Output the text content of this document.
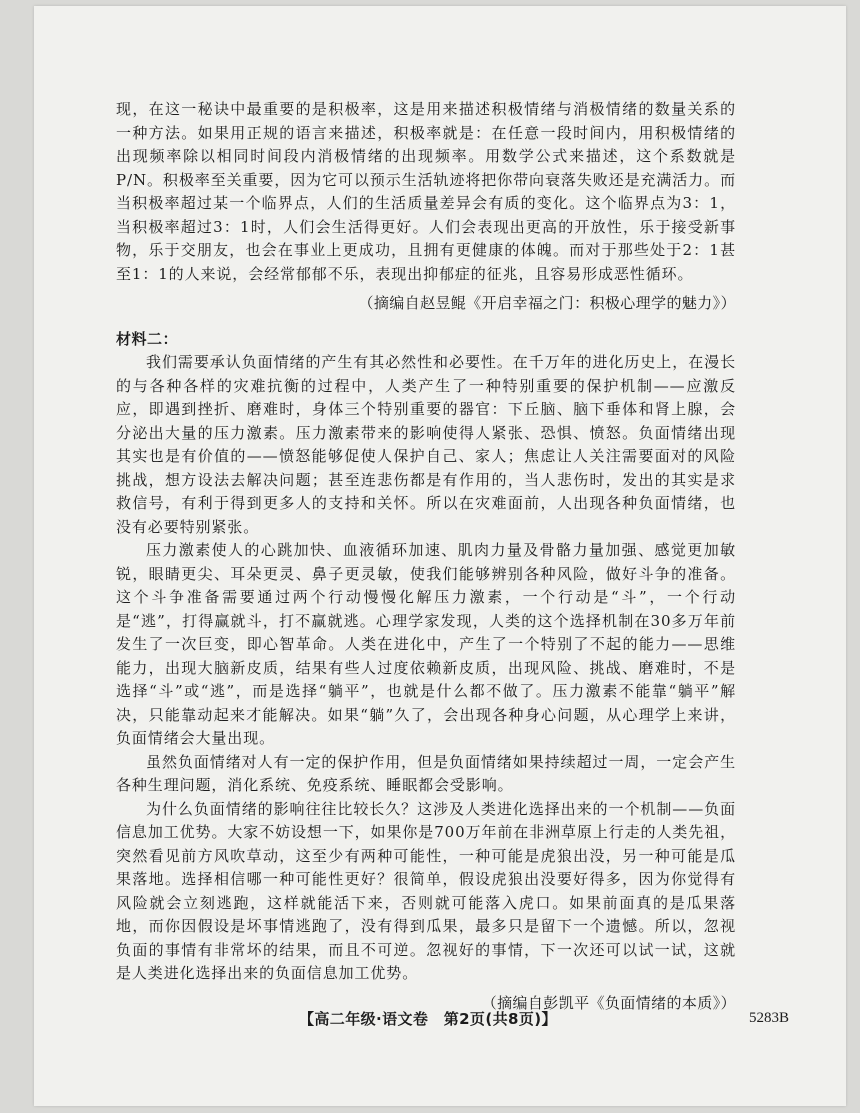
现，在这一秘诀中最重要的是积极率，这是用来描述积极情绪与消极情绪的数量关系的一种方法。如果用正规的语言来描述，积极率就是：在任意一段时间内，用积极情绪的出现频率除以相同时间段内消极情绪的出现频率。用数学公式来描述，这个系数就是P/N。积极率至关重要，因为它可以预示生活轨迹将把你带向衰落失败还是充满活力。而当积极率超过某一个临界点，人们的生活质量差异会有质的变化。这个临界点为3：1，当积极率超过3：1时，人们会生活得更好。人们会表现出更高的开放性，乐于接受新事物，乐于交朋友，也会在事业上更成功，且拥有更健康的体魄。而对于那些处于2：1甚至1：1的人来说，会经常郁郁不乐，表现出抑郁症的征兆，且容易形成恶性循环。

（摘编自赵昱鲲《开启幸福之门：积极心理学的魅力》）

材料二：

我们需要承认负面情绪的产生有其必然性和必要性。在千万年的进化历史上，在漫长的与各种各样的灾难抗衡的过程中，人类产生了一种特别重要的保护机制——应激反应，即遇到挫折、磨难时，身体三个特别重要的器官：下丘脑、脑下垂体和肾上腺，会分泌出大量的压力激素。压力激素带来的影响使得人紧张、恐惧、愤怒。负面情绪出现其实也是有价值的——愤怒能够促使人保护自己、家人；焦虑让人关注需要面对的风险挑战，想方设法去解决问题；甚至连悲伤都是有作用的，当人悲伤时，发出的其实是求救信号，有利于得到更多人的支持和关怀。所以在灾难面前，人出现各种负面情绪，也没有必要特别紧张。

压力激素使人的心跳加快、血液循环加速、肌肉力量及骨骼力量加强、感觉更加敏锐，眼睛更尖、耳朵更灵、鼻子更灵敏，使我们能够辨别各种风险，做好斗争的准备。这个斗争准备需要通过两个行动慢慢化解压力激素，一个行动是“斗”，一个行动是“逃”，打得赢就斗，打不赢就逃。心理学家发现，人类的这个选择机制在30多万年前发生了一次巨变，即心智革命。人类在进化中，产生了一个特别了不起的能力——思维能力，出现大脑新皮质，结果有些人过度依赖新皮质，出现风险、挑战、磨难时，不是选择“斗”或“逃”，而是选择“躺平”，也就是什么都不做了。压力激素不能靠“躺平”解决，只能靠动起来才能解决。如果“躺”久了，会出现各种身心问题，从心理学上来讲，负面情绪会大量出现。

虽然负面情绪对人有一定的保护作用，但是负面情绪如果持续超过一周，一定会产生各种生理问题，消化系统、免疫系统、睡眠都会受影响。

为什么负面情绪的影响往往比较长久？这涉及人类进化选择出来的一个机制——负面信息加工优势。大家不妨设想一下，如果你是700万年前在非洲草原上行走的人类先祖，突然看见前方风吹草动，这至少有两种可能性，一种可能是虎狼出没，另一种可能是瓜果落地。选择相信哪一种可能性更好？很简单，假设虎狼出没要好得多，因为你觉得有风险就会立刻逃跑，这样就能活下来，否则就可能落入虎口。如果前面真的是瓜果落地，而你因假设是坏事情逃跑了，没有得到瓜果，最多只是留下一个遗憾。所以，忽视负面的事情有非常坏的结果，而且不可逆。忽视好的事情，下一次还可以试一试，这就是人类进化选择出来的负面信息加工优势。

（摘编自彭凯平《负面情绪的本质》）

【高二年级·语文卷　第2页(共8页)】	5283B
